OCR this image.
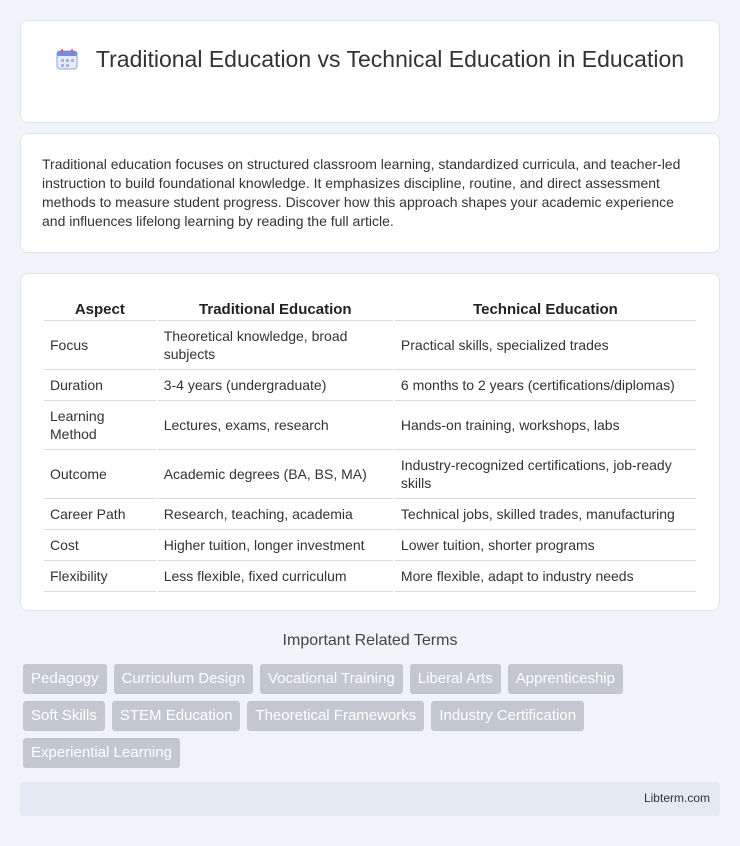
Traditional Education vs Technical Education in Education

Traditional education focuses on structured classroom learning, standardized curricula, and teacher-led instruction to build foundational knowledge. It emphasizes discipline, routine, and direct assessment methods to measure student progress. Discover how this approach shapes your academic experience and influences lifelong learning by reading the full article.

Aspect	Traditional Education	Technical Education
Focus	Theoretical knowledge, broad subjects	Practical skills, specialized trades
Duration	3-4 years (undergraduate)	6 months to 2 years (certifications/diplomas)
Learning Method	Lectures, exams, research	Hands-on training, workshops, labs
Outcome	Academic degrees (BA, BS, MA)	Industry-recognized certifications, job-ready skills
Career Path	Research, teaching, academia	Technical jobs, skilled trades, manufacturing
Cost	Higher tuition, longer investment	Lower tuition, shorter programs
Flexibility	Less flexible, fixed curriculum	More flexible, adapt to industry needs
Important Related Terms
Pedagogy	Curriculum Design	Vocational Training	Liberal Arts	Apprenticeship
Soft Skills	STEM Education	Theoretical Frameworks	Industry Certification
Experiential Learning
Libterm.com
